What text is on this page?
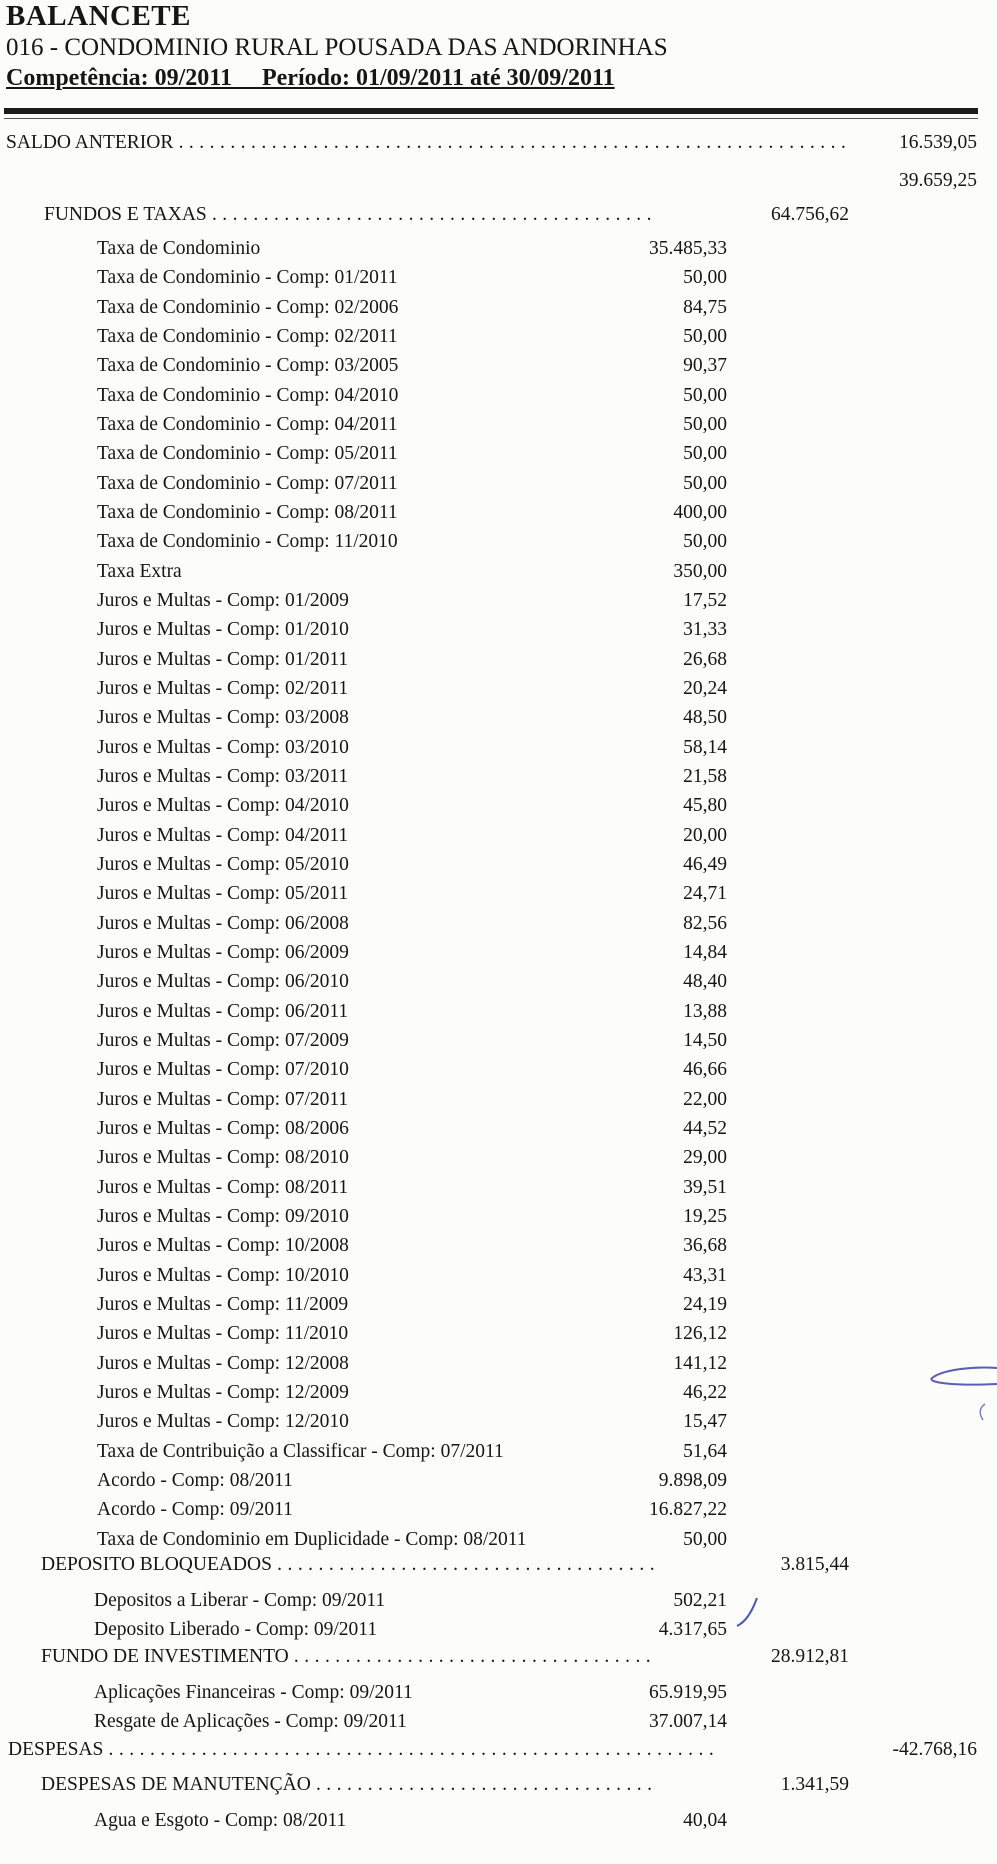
BALANCETE
016 - CONDOMINIO RURAL POUSADA DAS ANDORINHAS
Competência: 09/2011     Período: 01/09/2011 até 30/09/2011
SALDO ANTERIOR . . .	16.539,05
39.659,25
FUNDOS E TAXAS . . .	64.756,62
Taxa de Condominio	35.485,33
Taxa de Condominio - Comp: 01/2011	50,00
Taxa de Condominio - Comp: 02/2006	84,75
Taxa de Condominio - Comp: 02/2011	50,00
Taxa de Condominio - Comp: 03/2005	90,37
Taxa de Condominio - Comp: 04/2010	50,00
Taxa de Condominio - Comp: 04/2011	50,00
Taxa de Condominio - Comp: 05/2011	50,00
Taxa de Condominio - Comp: 07/2011	50,00
Taxa de Condominio - Comp: 08/2011	400,00
Taxa de Condominio - Comp: 11/2010	50,00
Taxa Extra	350,00
Juros e Multas - Comp: 01/2009	17,52
Juros e Multas - Comp: 01/2010	31,33
Juros e Multas - Comp: 01/2011	26,68
Juros e Multas - Comp: 02/2011	20,24
Juros e Multas - Comp: 03/2008	48,50
Juros e Multas - Comp: 03/2010	58,14
Juros e Multas - Comp: 03/2011	21,58
Juros e Multas - Comp: 04/2010	45,80
Juros e Multas - Comp: 04/2011	20,00
Juros e Multas - Comp: 05/2010	46,49
Juros e Multas - Comp: 05/2011	24,71
Juros e Multas - Comp: 06/2008	82,56
Juros e Multas - Comp: 06/2009	14,84
Juros e Multas - Comp: 06/2010	48,40
Juros e Multas - Comp: 06/2011	13,88
Juros e Multas - Comp: 07/2009	14,50
Juros e Multas - Comp: 07/2010	46,66
Juros e Multas - Comp: 07/2011	22,00
Juros e Multas - Comp: 08/2006	44,52
Juros e Multas - Comp: 08/2010	29,00
Juros e Multas - Comp: 08/2011	39,51
Juros e Multas - Comp: 09/2010	19,25
Juros e Multas - Comp: 10/2008	36,68
Juros e Multas - Comp: 10/2010	43,31
Juros e Multas - Comp: 11/2009	24,19
Juros e Multas - Comp: 11/2010	126,12
Juros e Multas - Comp: 12/2008	141,12
Juros e Multas - Comp: 12/2009	46,22
Juros e Multas - Comp: 12/2010	15,47
Taxa de Contribuição a Classificar - Comp: 07/2011	51,64
Acordo - Comp: 08/2011	9.898,09
Acordo - Comp: 09/2011	16.827,22
Taxa de Condominio em Duplicidade - Comp: 08/2011	50,00
DEPOSITO BLOQUEADOS . . .	3.815,44
Depositos a Liberar - Comp: 09/2011	502,21
Deposito Liberado - Comp: 09/2011	4.317,65
FUNDO DE INVESTIMENTO . . .	28.912,81
Aplicações Financeiras - Comp: 09/2011	65.919,95
Resgate de Aplicações - Comp: 09/2011	37.007,14
DESPESAS . . .	-42.768,16
DESPESAS DE MANUTENÇÃO . . .	1.341,59
Agua e Esgoto - Comp: 08/2011	40,04
